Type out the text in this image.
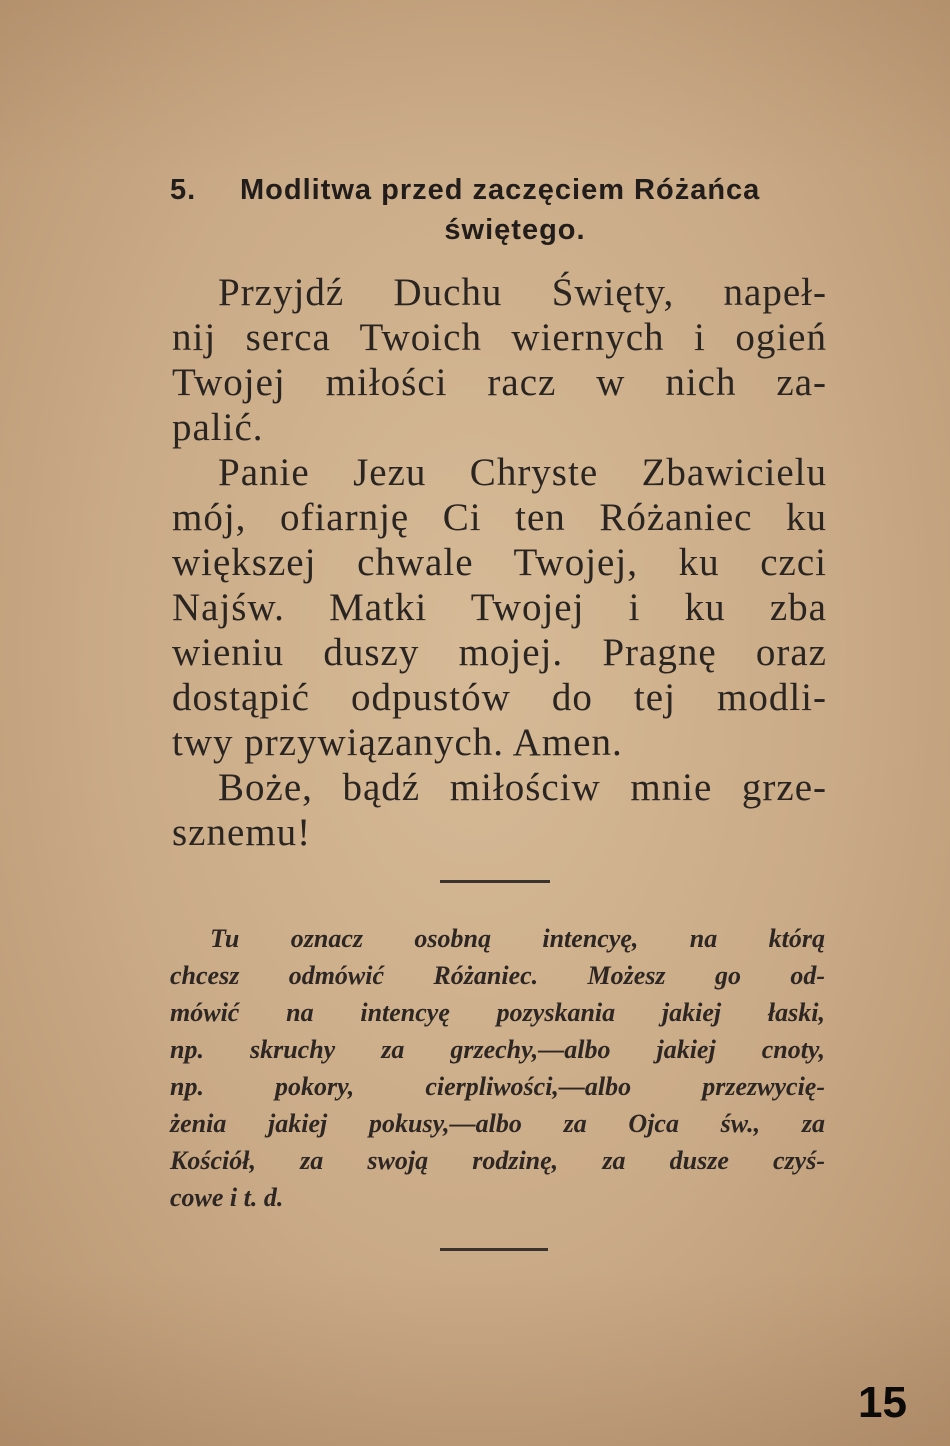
5. Modlitwa przed zaczęciem Różańca
świętego.
Przyjdź Duchu Święty, napeł-
nij serca Twoich wiernych i ogień
Twojej miłości racz w nich za-
palić.
Panie Jezu Chryste Zbawicielu
mój, ofiarnję Ci ten Różaniec ku
większej chwale Twojej, ku czci
Najśw. Matki Twojej i ku zba
wieniu duszy mojej. Pragnę oraz
dostąpić odpustów do tej modli-
twy przywiązanych. Amen.
Boże, bądź miłościw mnie grze-
sznemu!
Tu oznacz osobną intencyę, na którą
chcesz odmówić Różaniec. Możesz go od-
mówić na intencyę pozyskania jakiej łaski,
np. skruchy za grzechy,—albo jakiej cnoty,
np. pokory, cierpliwości,—albo przezwycię-
żenia jakiej pokusy,—albo za Ojca św., za
Kościół, za swoją rodzinę, za dusze czyś-
cowe i t. d.
15
